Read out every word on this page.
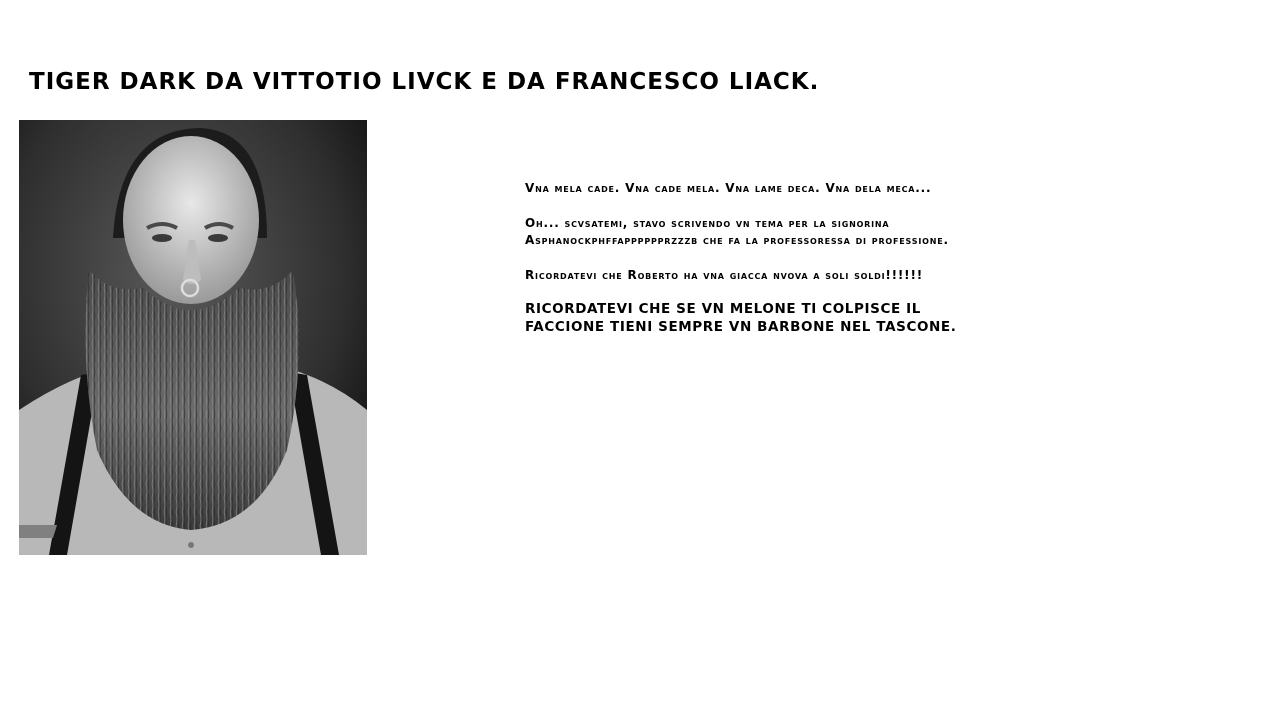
TIGER DARK DA VITTOTIO LIVCK E DA FRANCESCO LIACK.

Vna mela cade. Vna cade mela. Vna lame deca. Vna dela meca...

Oh... scvsatemi, stavo scrivendo vn tema per la signorina Asphanockphffapppppprzzzb che fa la professoressa di professione.

Ricordatevi che Roberto ha vna giacca nvova a soli soldi!!!!!!

RICORDATEVI CHE SE VN MELONE TI COLPISCE IL FACCIONE TIENI SEMPRE VN BARBONE NEL TASCONE.
